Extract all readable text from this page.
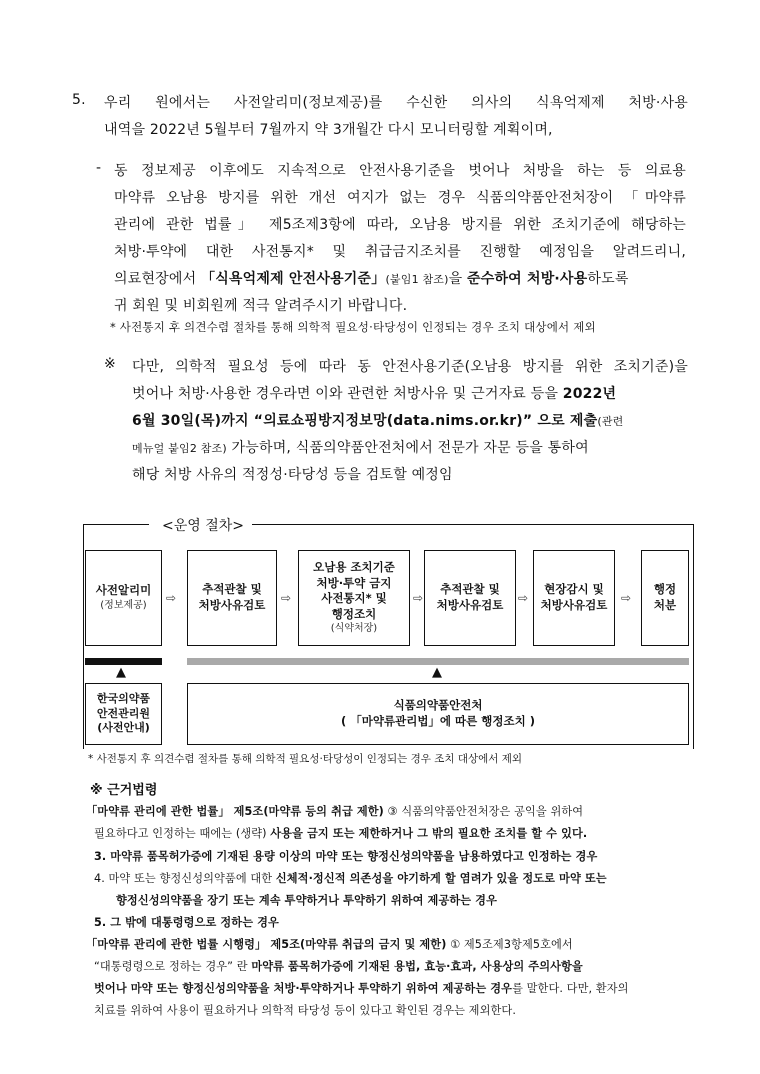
5. 우리 원에서는 사전알리미(정보제공)를 수신한 의사의 식욕억제제 처방·사용
내역을 2022년 5월부터 7월까지 약 3개월간 다시 모니터링할 계획이며,
- 동 정보제공 이후에도 지속적으로 안전사용기준을 벗어나 처방을 하는 등 의료용
마약류 오남용 방지를 위한 개선 여지가 없는 경우 식품의약품안전처장이 「마약류
관리에 관한 법률」 제5조제3항에 따라, 오남용 방지를 위한 조치기준에 해당하는
처방·투약에 대한 사전통지* 및 취급금지조치를 진행할 예정임을 알려드리니,
의료현장에서 「식욕억제제 안전사용기준」(붙임1 참조)을 준수하여 처방·사용하도록
귀 회원 및 비회원께 적극 알려주시기 바랍니다.
* 사전통지 후 의견수렴 절차를 통해 의학적 필요성·타당성이 인정되는 경우 조치 대상에서 제외
※ 다만, 의학적 필요성 등에 따라 동 안전사용기준(오남용 방지를 위한 조치기준)을
벗어나 처방·사용한 경우라면 이와 관련한 처방사유 및 근거자료 등을 2022년
6월 30일(목)까지 “의료쇼핑방지정보망(data.nims.or.kr)” 으로 제출(관련
메뉴얼 붙임2 참조) 가능하며, 식품의약품안전처에서 전문가 자문 등을 통하여
해당 처방 사유의 적정성·타당성 등을 검토할 예정임
<운영 절차>
사전알리미
(정보제공)
⇨
추적관찰 및
처방사유검토 ⇨
오남용 조치기준
처방·투약 금지
사전통지* 및
행정조치
(식약처장)
⇨
추적관찰 및
처방사유검토 ⇨
현장감시 및
처방사유검토 ⇨
행정
처분
▲	▲
한국의약품
안전관리원
(사전안내)
식품의약품안전처
( 「마약류관리법」에 따른 행정조치 )
* 사전통지 후 의견수렴 절차를 통해 의학적 필요성·타당성이 인정되는 경우 조치 대상에서 제외
※ 근거법령
「마약류 관리에 관한 법률」 제5조(마약류 등의 취급 제한) ③ 식품의약품안전처장은 공익을 위하여
필요하다고 인정하는 때에는 (생략) 사용을 금지 또는 제한하거나 그 밖의 필요한 조치를 할 수 있다.
3. 마약류 품목허가증에 기재된 용량 이상의 마약 또는 향정신성의약품을 남용하였다고 인정하는 경우
4. 마약 또는 향정신성의약품에 대한 신체적·정신적 의존성을 야기하게 할 염려가 있을 정도로 마약 또는
향정신성의약품을 장기 또는 계속 투약하거나 투약하기 위하여 제공하는 경우
5. 그 밖에 대통령령으로 정하는 경우
「마약류 관리에 관한 법률 시행령」 제5조(마약류 취급의 금지 및 제한) ① 제5조제3항제5호에서
“대통령령으로 정하는 경우” 란 마약류 품목허가증에 기재된 용법, 효능·효과, 사용상의 주의사항을
벗어나 마약 또는 향정신성의약품을 처방·투약하거나 투약하기 위하여 제공하는 경우를 말한다. 다만, 환자의
치료를 위하여 사용이 필요하거나 의학적 타당성 등이 있다고 확인된 경우는 제외한다.
